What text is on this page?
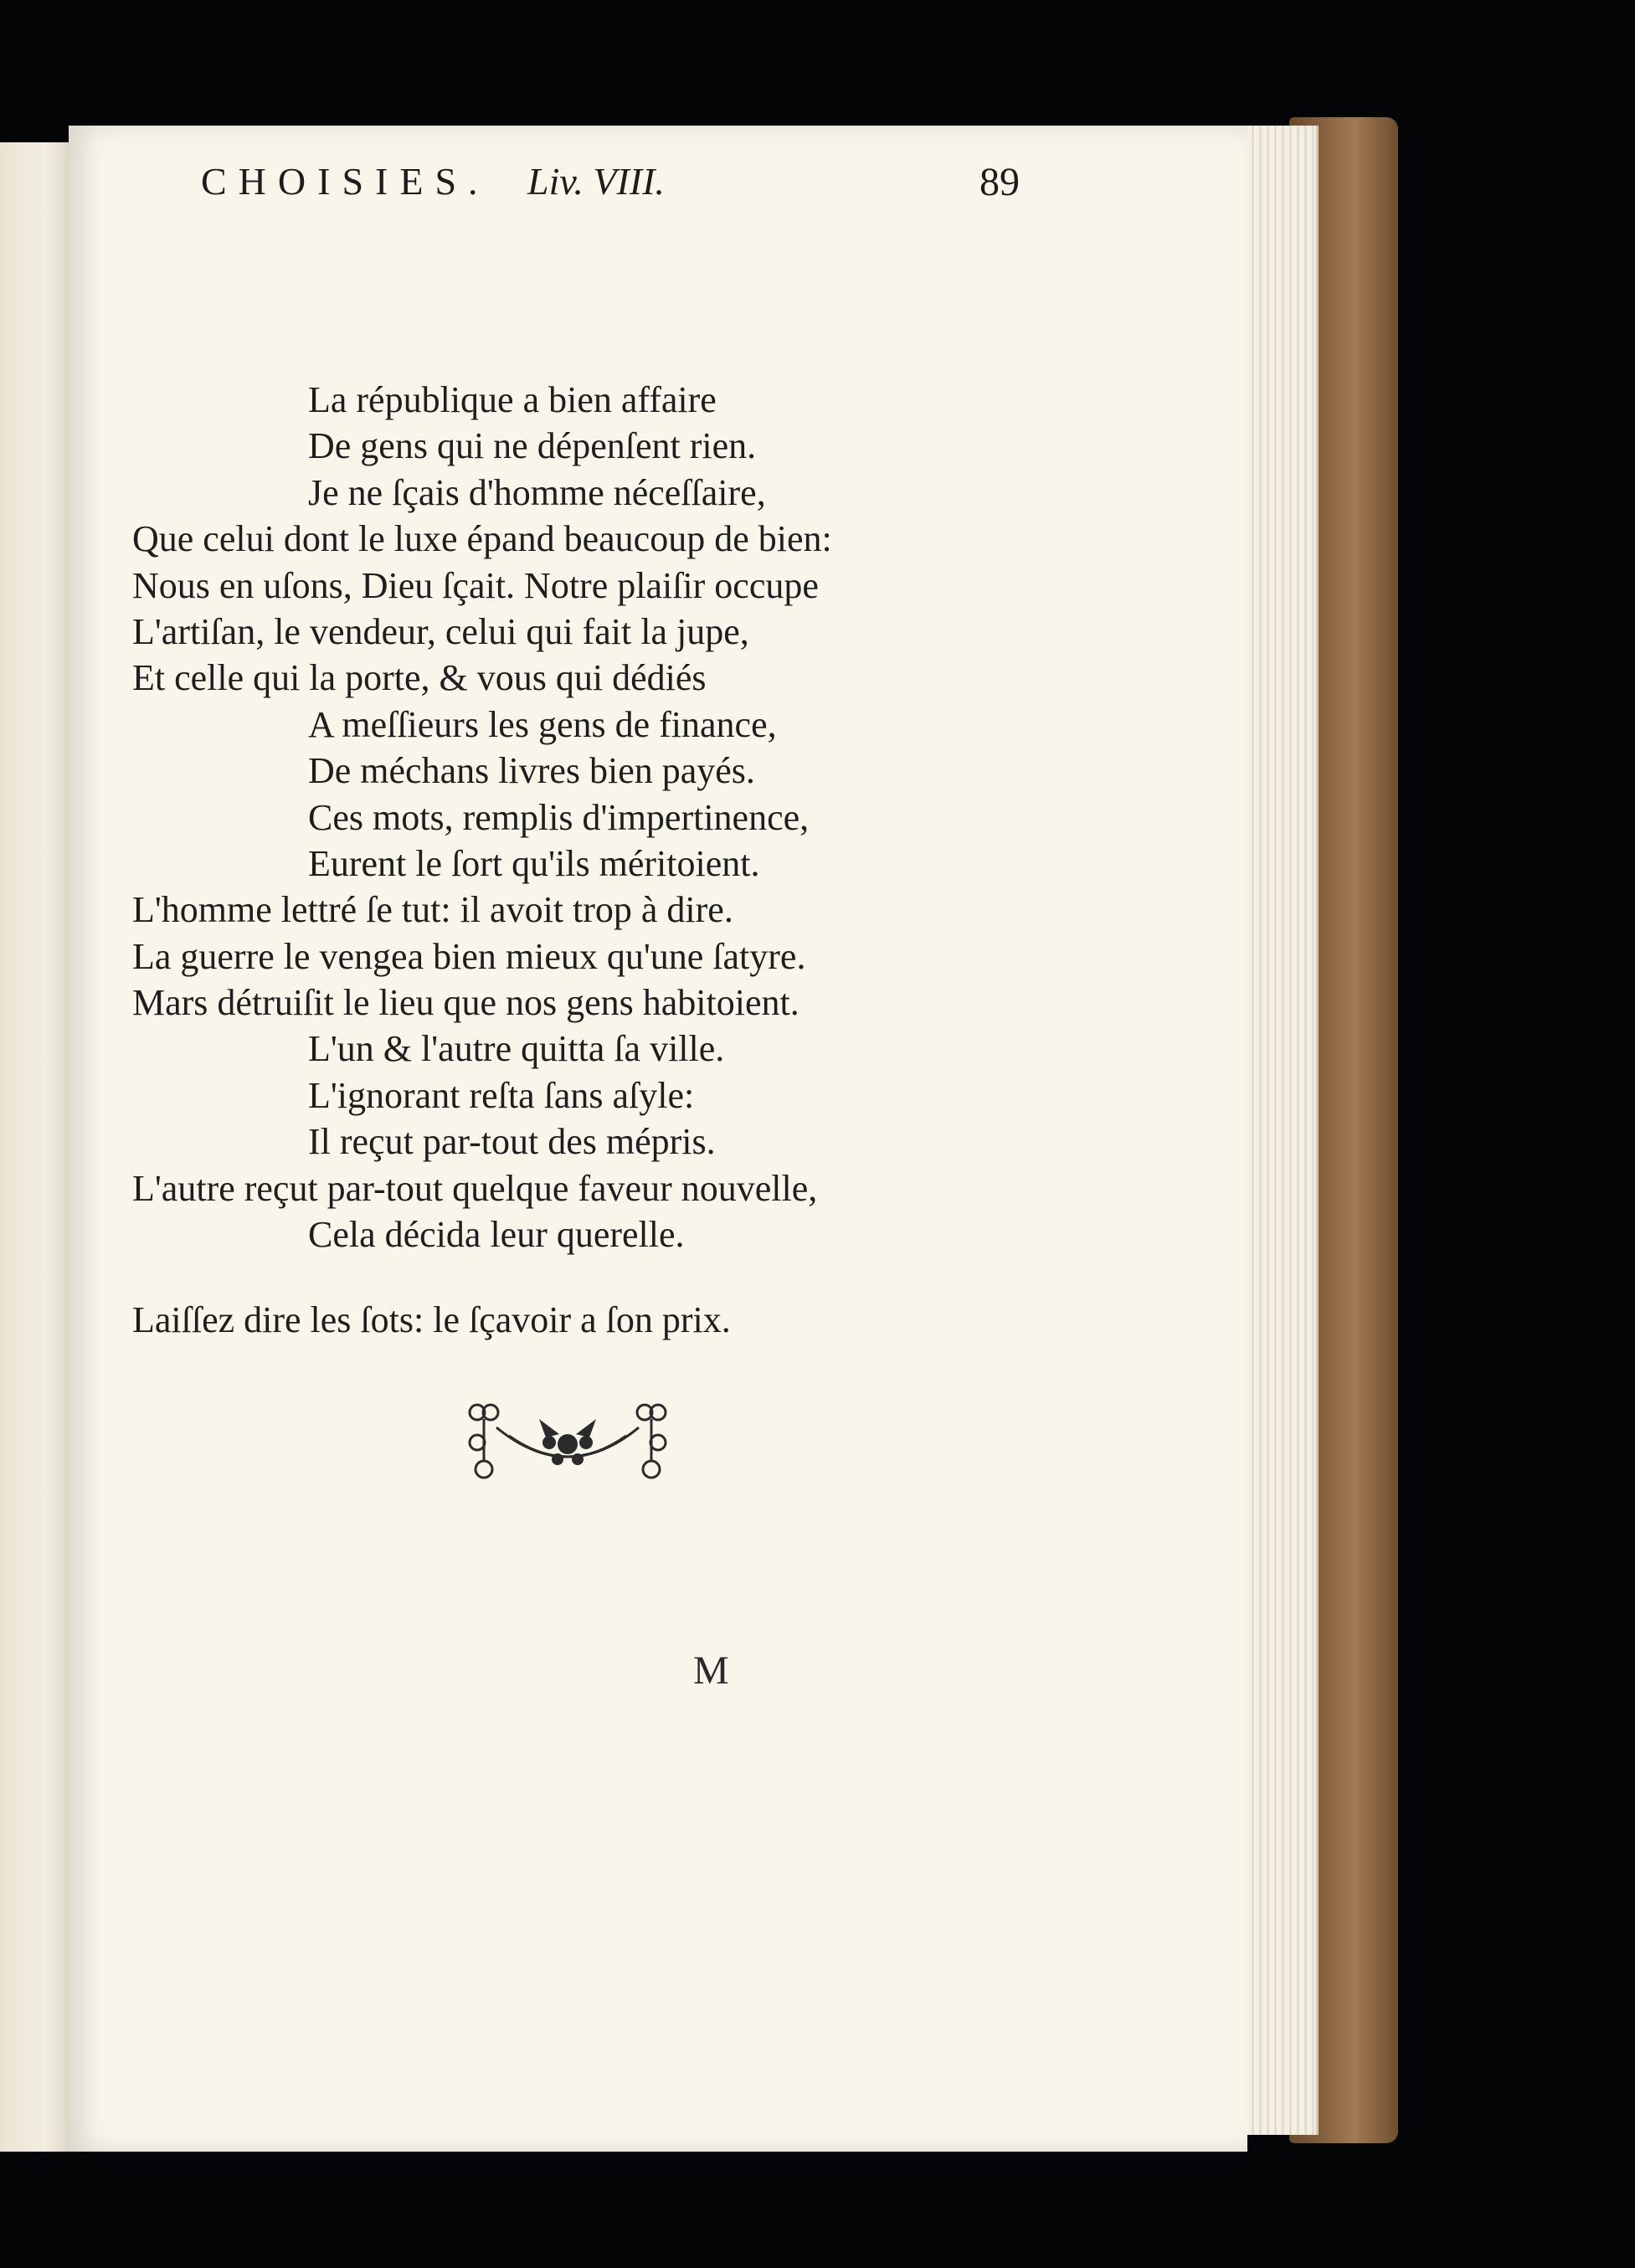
CHOISIES. Liv. VIII.	89
La république a bien affaire
De gens qui ne dépenſent rien.
Je ne ſçais d'homme néceſſaire,
Que celui dont le luxe épand beaucoup de bien:
Nous en uſons, Dieu ſçait. Notre plaiſir occupe
L'artiſan, le vendeur, celui qui fait la jupe,
Et celle qui la porte, & vous qui dédiés
A meſſieurs les gens de finance,
De méchans livres bien payés.
Ces mots, remplis d'impertinence,
Eurent le ſort qu'ils méritoient.
L'homme lettré ſe tut: il avoit trop à dire.
La guerre le vengea bien mieux qu'une ſatyre.
Mars détruiſit le lieu que nos gens habitoient.
L'un & l'autre quitta ſa ville.
L'ignorant reſta ſans aſyle:
Il reçut par-tout des mépris.
L'autre reçut par-tout quelque faveur nouvelle,
Cela décida leur querelle.
Laiſſez dire les ſots: le ſçavoir a ſon prix.
M
